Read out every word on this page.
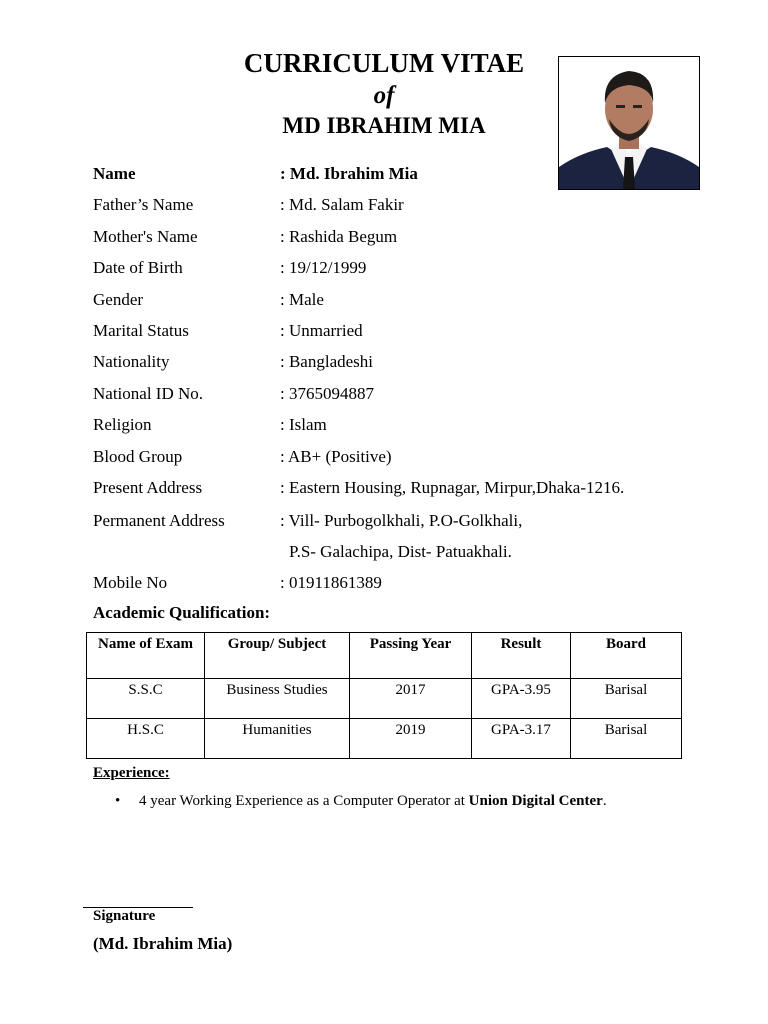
CURRICULUM VITAE
of
MD IBRAHIM MIA
Name	: Md. Ibrahim Mia
Father’s Name	: Md. Salam Fakir
Mother's Name	: Rashida Begum
Date of Birth	: 19/12/1999
Gender	: Male
Marital Status	: Unmarried
Nationality	: Bangladeshi
National ID No.	: 3765094887
Religion	: Islam
Blood Group	: AB+ (Positive)
Present Address	: Eastern Housing, Rupnagar, Mirpur,Dhaka-1216.
Permanent Address	: Vill- Purbogolkhali, P.O-Golkhali,
P.S- Galachipa, Dist- Patuakhali.
Mobile No	: 01911861389
Academic Qualification:
Name of Exam	Group/ Subject	Passing Year	Result	Board
S.S.C	Business Studies	2017	GPA-3.95	Barisal
H.S.C	Humanities	2019	GPA-3.17	Barisal
Experience:
• 4 year Working Experience as a Computer Operator at Union Digital Center.
Signature
(Md. Ibrahim Mia)
